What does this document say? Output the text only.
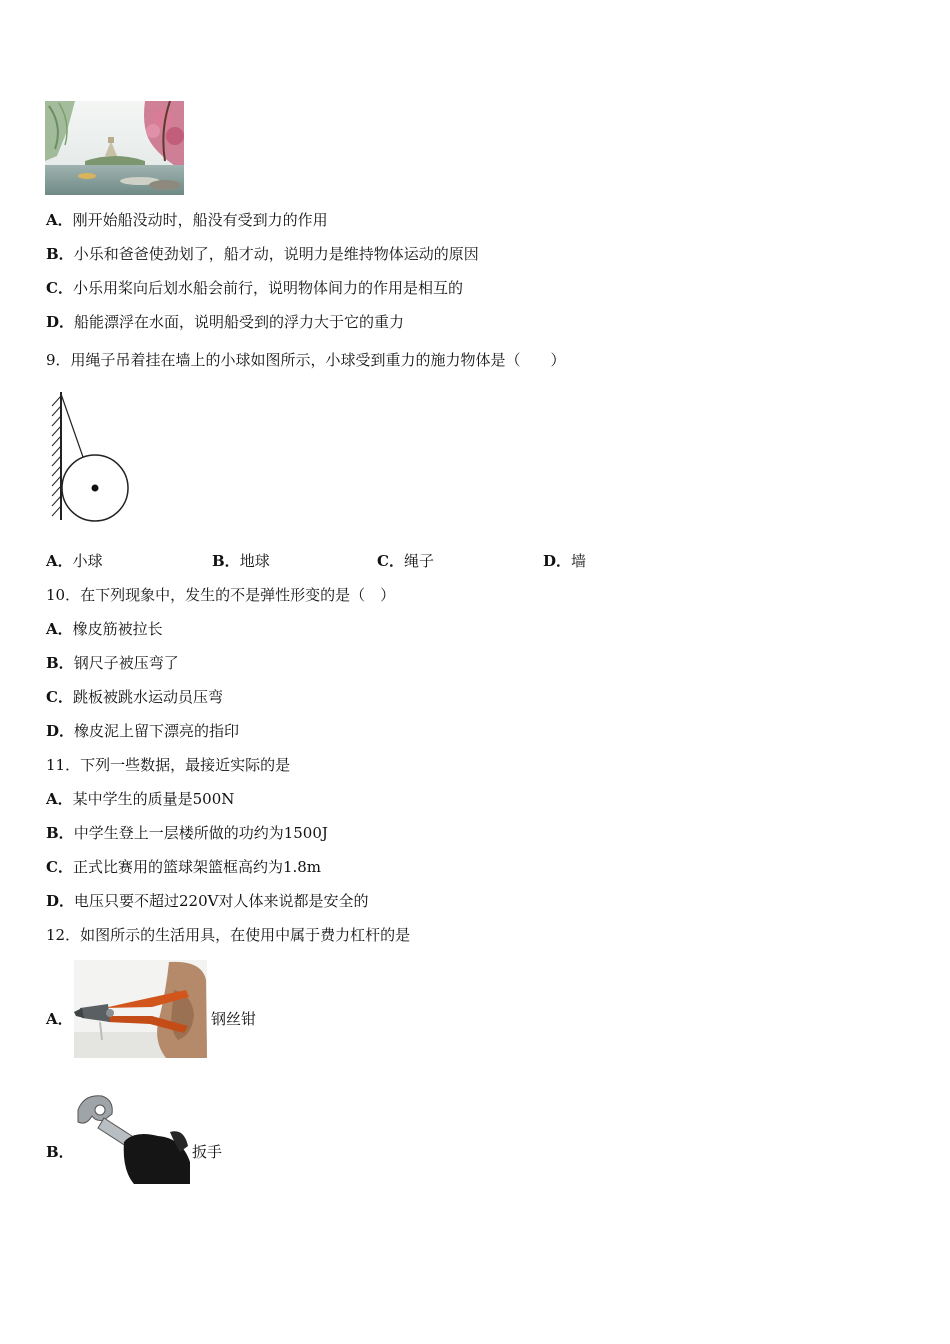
A．刚开始船没动时，船没有受到力的作用
B．小乐和爸爸使劲划了，船才动，说明力是维持物体运动的原因
C．小乐用桨向后划水船会前行，说明物体间力的作用是相互的
D．船能漂浮在水面，说明船受到的浮力大于它的重力
9．用绳子吊着挂在墙上的小球如图所示，小球受到重力的施力物体是（　　）
A．小球	B．地球	C．绳子	D．墙
10．在下列现象中，发生的不是弹性形变的是（　）
A．橡皮筋被拉长
B．钢尺子被压弯了
C．跳板被跳水运动员压弯
D．橡皮泥上留下漂亮的指印
11．下列一些数据，最接近实际的是
A．某中学生的质量是500N
B．中学生登上一层楼所做的功约为1500J
C．正式比赛用的篮球架篮框高约为1.8m
D．电压只要不超过220V对人体来说都是安全的
12．如图所示的生活用具，在使用中属于费力杠杆的是
A．	钢丝钳
B．	扳手
